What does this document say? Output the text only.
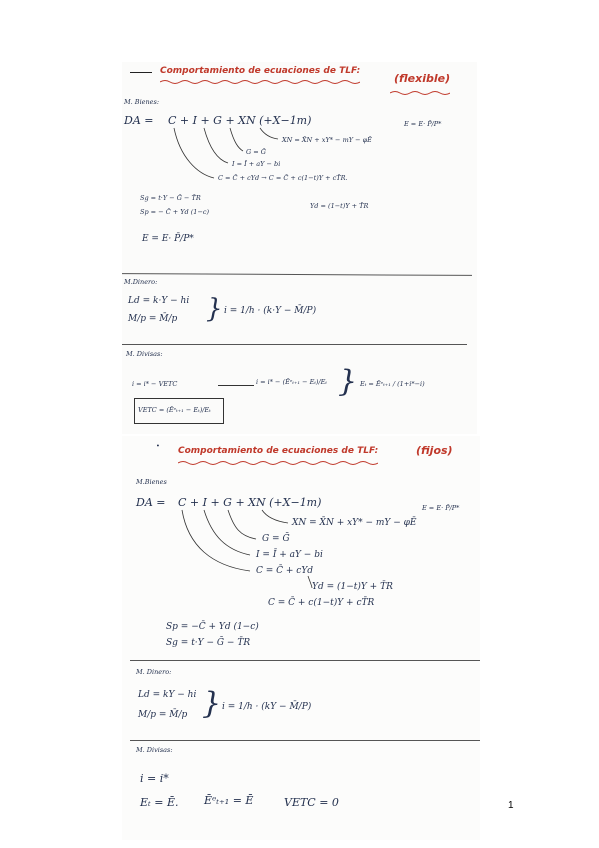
Comportamiento de ecuaciones de TLF:
(flexible)
M. Bienes:
DA = C + I + G + XN (+X−1m)	E = E· P̄/P*
XN = X̄N + xY* − mY − φĒ
G = Ḡ
I = Ī + aY − bi
C = C̄ + cYd → C = C̄ + c(1−t)Y + cT̄R.
Sg = t·Y − Ḡ − T̄R
Sp = − C̄ + Yd (1−c)
Yd = (1−t)Y + T̄R
E = E· P̄/P*
M.Dinero:
Ld = k·Y − hi
M/p = M̄/p } i = 1/h · (k·Y − M̄/P)
M. Divisas:
i = i* − VETC	i = i* − (Ēᵉₜ₊₁ − Eₜ)/Eₜ } Eₜ = Ēᵉₜ₊₁ / (1+i*−i)
VETC = (Ēᵉₜ₊₁ − Eₜ)/Eₜ
• Comportamiento de ecuaciones de TLF:	(fijos)
M.Bienes
DA = C + I + G + XN (+X−1m)	E = E· P̄/P*
XN = X̄N + xY* − mY − φĒ
G = Ḡ
I = Ī + aY − bi
C = C̄ + cYd
Yd = (1−t)Y + T̄R
C = C̄ + c(1−t)Y + cT̄R
Sp = −C̄ + Yd (1−c)
Sg = t·Y − Ḡ − T̄R
M. Dinero:
Ld = kY − hi
M/p = M̄/p } i = 1/h · (kY − M̄/P)
M. Divisas:
i = i*
Eₜ = Ē. Ēᵉₜ₊₁ = Ē	VETC = 0	1
